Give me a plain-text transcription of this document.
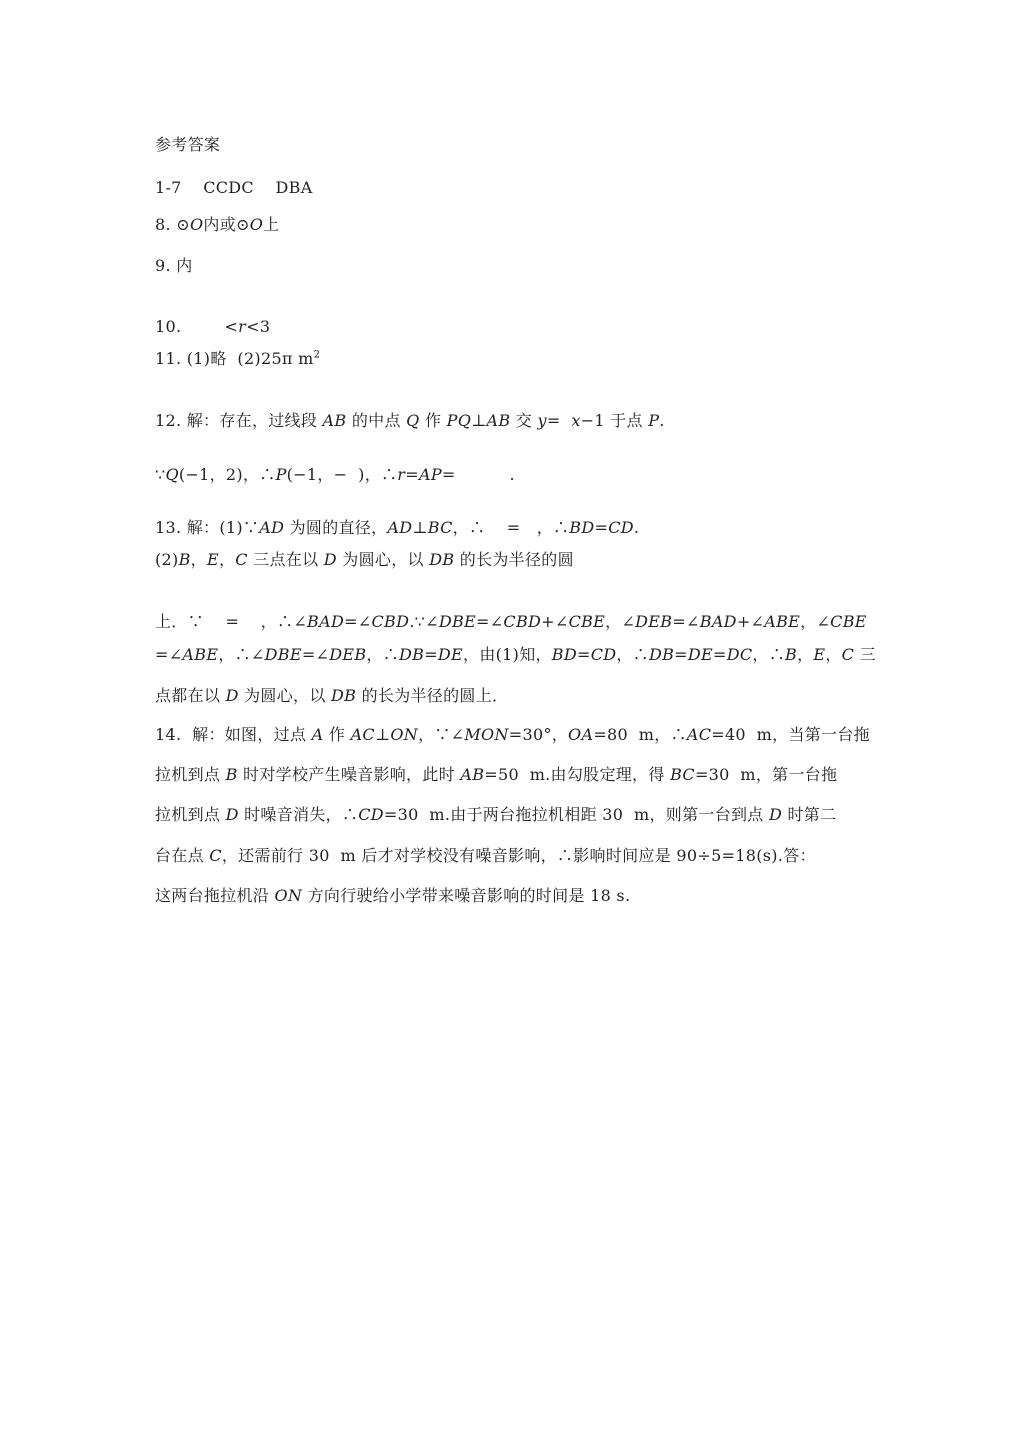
参考答案
1-7 CCDC DBA
8. ⊙O内或⊙O上
9. 内
10.	<r<3
11. (1)略 (2)25π $m^2$
12. 解：存在，过线段 AB 的中点 Q 作 PQ⊥AB 交 y=  x−1 于点 P.
∵Q(−1，2)，∴P(−1，−  )，∴r=AP=	.
13. 解：(1)∵AD 为圆的直径，AD⊥BC，∴ = ，∴BD=CD.
(2)B，E，C 三点在以 D 为圆心，以 DB 的长为半径的圆
上．∵ = ，∴∠BAD=∠CBD.∵∠DBE=∠CBD+∠CBE，∠DEB=∠BAD+∠ABE，∠CBE
=∠ABE，∴∠DBE=∠DEB，∴DB=DE，由(1)知，BD=CD，∴DB=DE=DC，∴B，E，C 三
点都在以 D 为圆心，以 DB 的长为半径的圆上．
14. 解：如图，过点 A 作 AC⊥ON，∵∠MON=30°，OA=80  m，∴AC=40  m，当第一台拖
拉机到点 B 时对学校产生噪音影响，此时 AB=50  m.由勾股定理，得 BC=30  m，第一台拖
拉机到点 D 时噪音消失，∴CD=30  m.由于两台拖拉机相距 30  m，则第一台到点 D 时第二
台在点 C，还需前行 30  m 后才对学校没有噪音影响，∴影响时间应是 90÷5=18(s).答：
这两台拖拉机沿 ON 方向行驶给小学带来噪音影响的时间是 18 s.
